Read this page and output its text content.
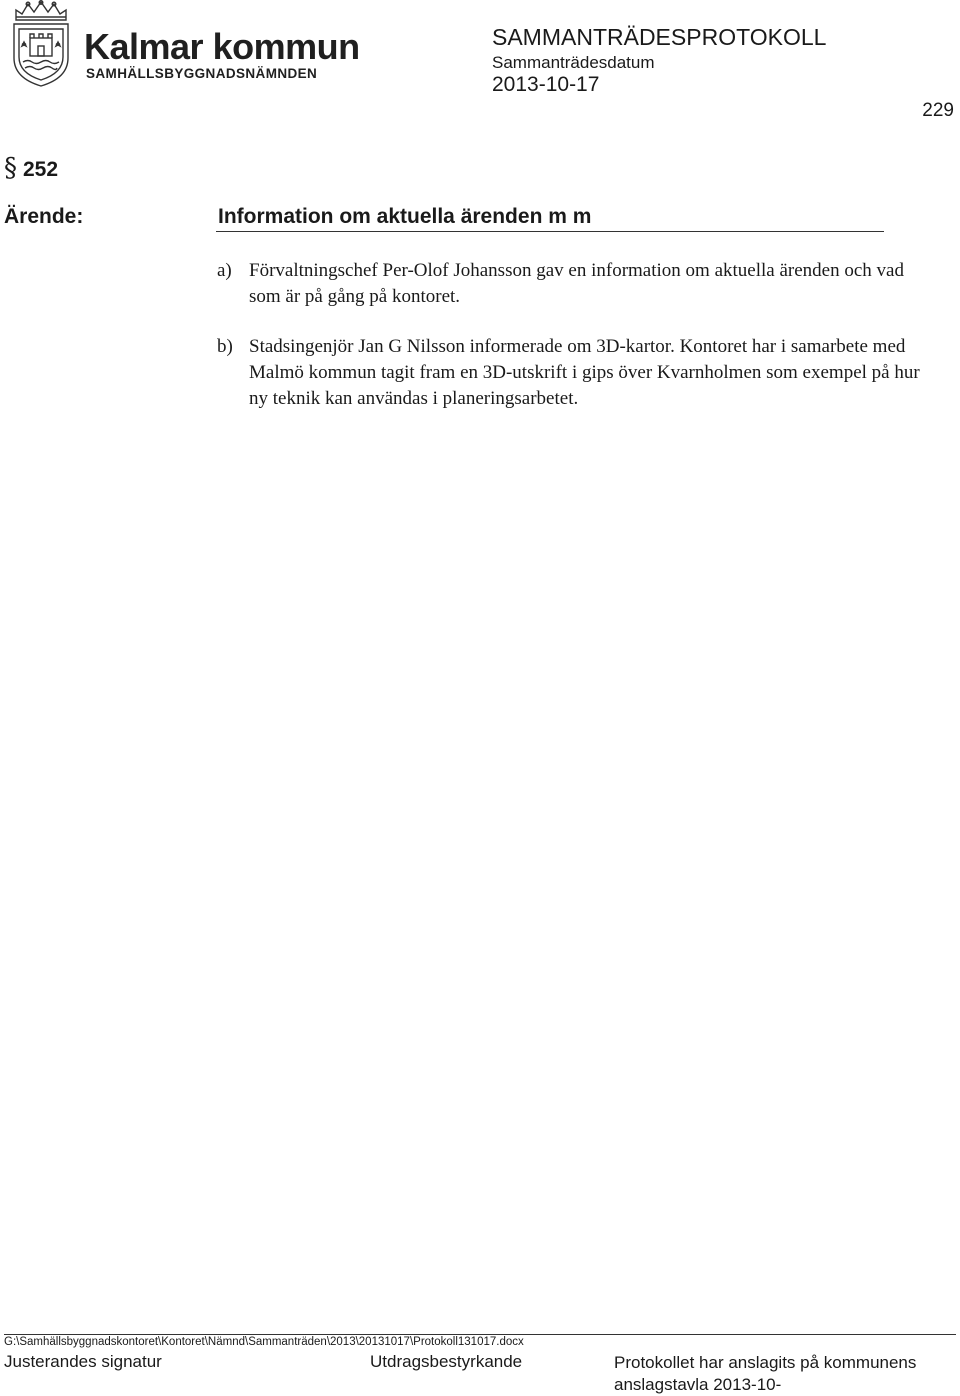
Kalmar kommun
SAMHÄLLSBYGGNADSNÄMNDEN
SAMMANTRÄDESPROTOKOLL
Sammanträdesdatum
2013-10-17
229
§ 252
Ärende:	Information om aktuella ärenden m m
a) Förvaltningschef Per-Olof Johansson gav en information om aktuella ärenden och vad som är på gång på kontoret.
b) Stadsingenjör Jan G Nilsson informerade om 3D-kartor. Kontoret har i samarbete med Malmö kommun tagit fram en 3D-utskrift i gips över Kvarnholmen som exempel på hur ny teknik kan användas i planeringsarbetet.
G:\Samhällsbyggnadskontoret\Kontoret\Nämnd\Sammanträden\2013\20131017\Protokoll131017.docx
Justerandes signatur	Utdragsbestyrkande	Protokollet har anslagits på kommunens anslagstavla 2013-10-
